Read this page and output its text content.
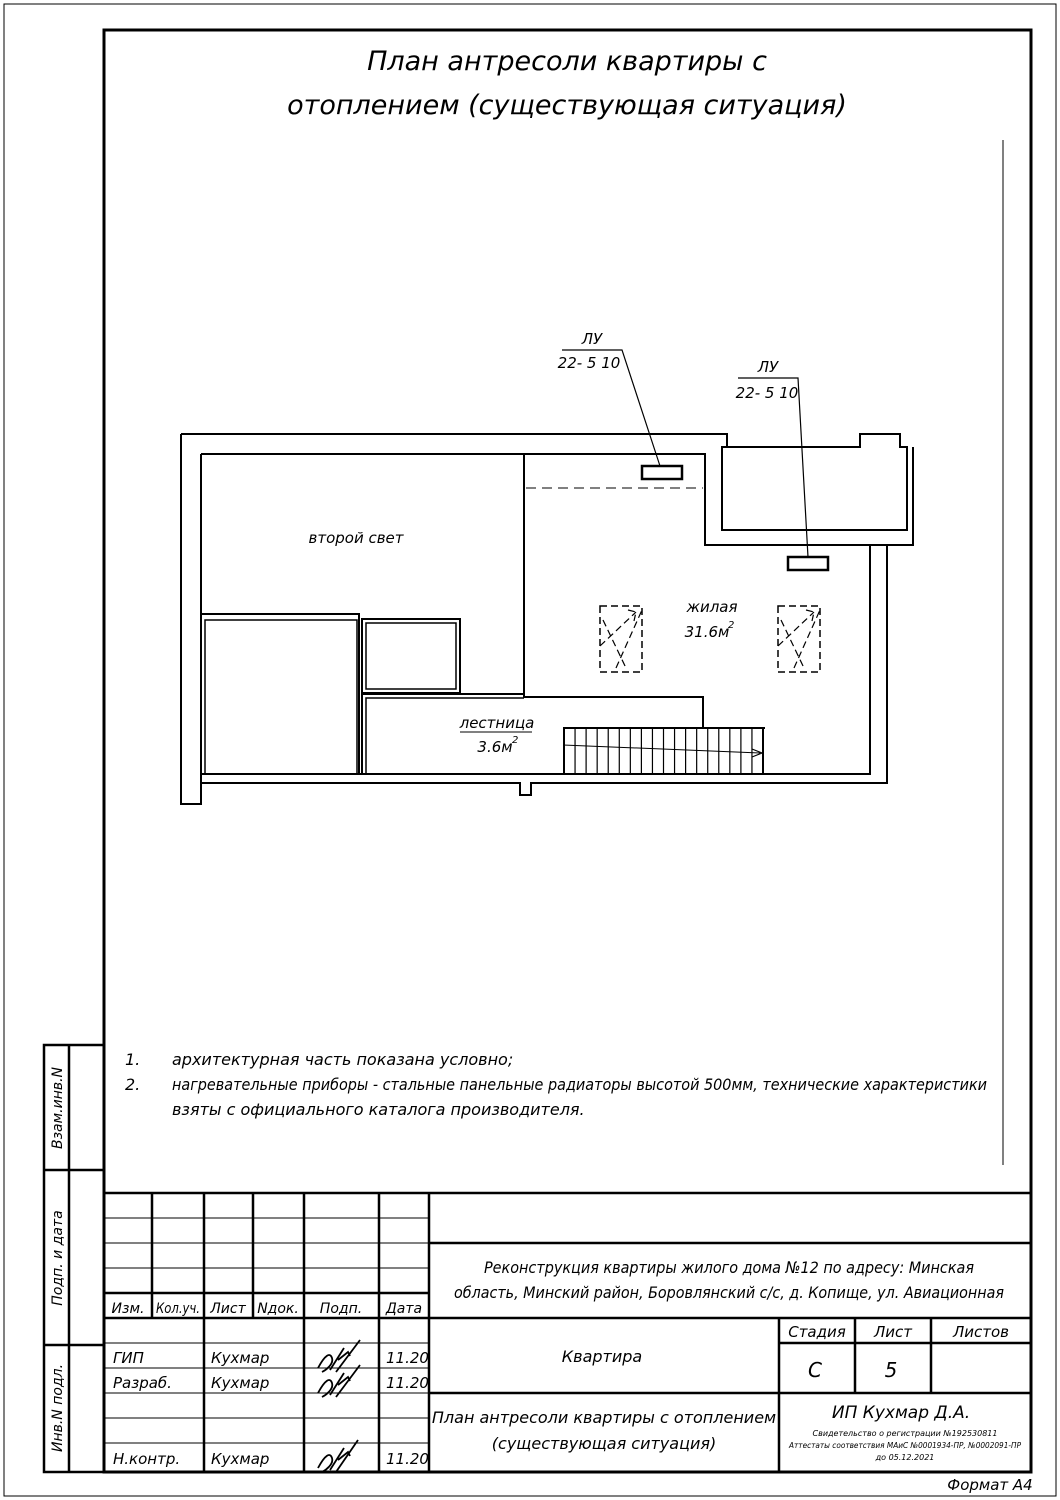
План антресоли квартиры с
отоплением (существующая ситуация)
ЛУ
22- 5 10	ЛУ
22- 5 10
второй свет
жилая
31.6м
2
лестница
3.6м 2
1. архитектурная часть показана условно;
2. нагревательные приборы - стальные панельные радиаторы высотой 500мм, технические характеристики
взяты с официального каталога производителя.
Взам.инв.N
Подп. и дата
Инв.N подл.
Изм. Кол.уч. Лист Nдок. Подп. Дата
ГИП	Кухмар	11.20
Разраб.	Кухмар	11.20
Н.контр. Кухмар	11.20
Реконструкция квартиры жилого дома №12 по адресу: Минская
область, Минский район, Боровлянский с/с, д. Копище, ул. Авиационная
Квартира
План антресоли квартиры с отоплением
(существующая ситуация)
Стадия Лист	Листов
С	5
ИП Кухмар Д.А.
Свидетельство о регистрации №192530811
Аттестаты соответствия МАиС №0001934-ПР, №0002091-ПР
до 05.12.2021
Формат А4
